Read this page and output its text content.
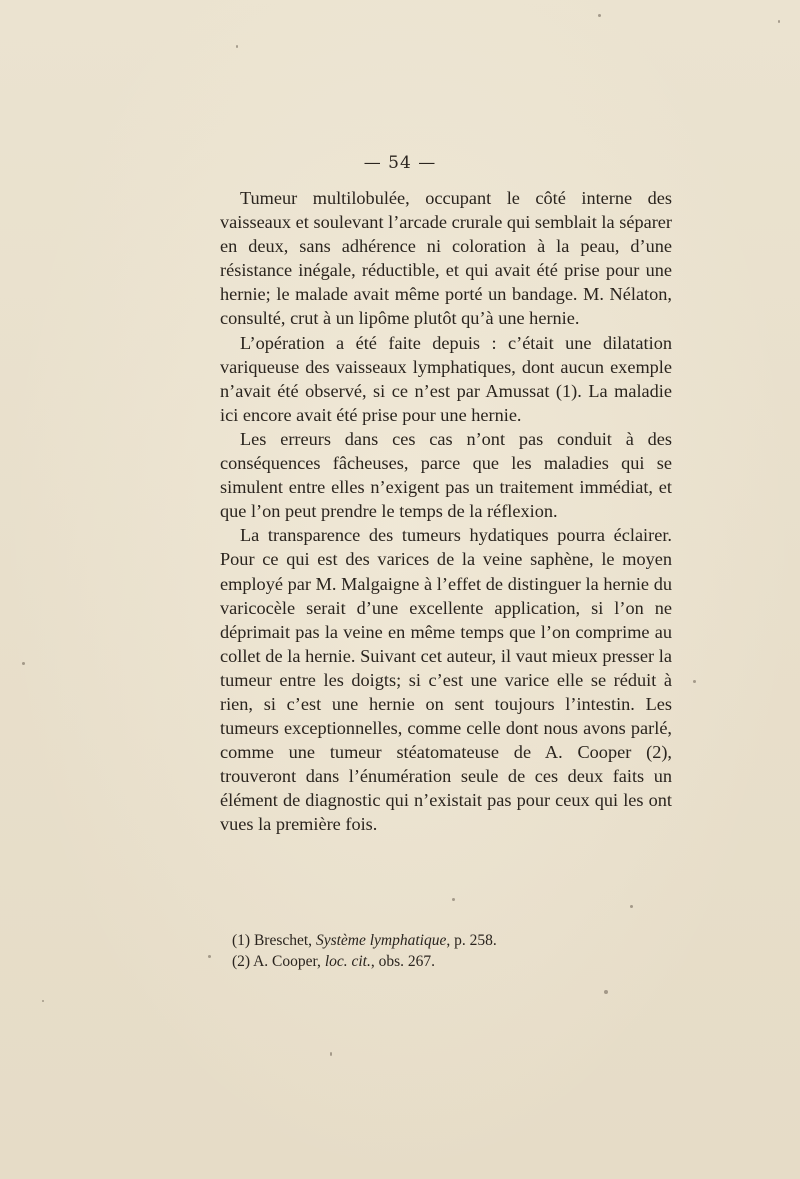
— 54 —

Tumeur multilobulée, occupant le côté interne des vaisseaux et soulevant l’arcade crurale qui semblait la séparer en deux, sans adhérence ni coloration à la peau, d’une résistance inégale, réductible, et qui avait été prise pour une hernie; le malade avait même porté un bandage. M. Nélaton, consulté, crut à un lipôme plutôt qu’à une hernie.

L’opération a été faite depuis : c’était une dilatation variqueuse des vaisseaux lymphatiques, dont aucun exemple n’avait été observé, si ce n’est par Amussat (1). La maladie ici encore avait été prise pour une hernie.

Les erreurs dans ces cas n’ont pas conduit à des conséquences fâcheuses, parce que les maladies qui se simulent entre elles n’exigent pas un traitement immédiat, et que l’on peut prendre le temps de la réflexion.

La transparence des tumeurs hydatiques pourra éclairer. Pour ce qui est des varices de la veine saphène, le moyen employé par M. Malgaigne à l’effet de distinguer la hernie du varicocèle serait d’une excellente application, si l’on ne déprimait pas la veine en même temps que l’on comprime au collet de la hernie. Suivant cet auteur, il vaut mieux presser la tumeur entre les doigts; si c’est une varice elle se réduit à rien, si c’est une hernie on sent toujours l’intestin. Les tumeurs exceptionnelles, comme celle dont nous avons parlé, comme une tumeur stéatomateuse de A. Cooper (2), trouveront dans l’énumération seule de ces deux faits un élément de diagnostic qui n’existait pas pour ceux qui les ont vues la première fois.

(1) Breschet, Système lymphatique, p. 258.

(2) A. Cooper, loc. cit., obs. 267.
